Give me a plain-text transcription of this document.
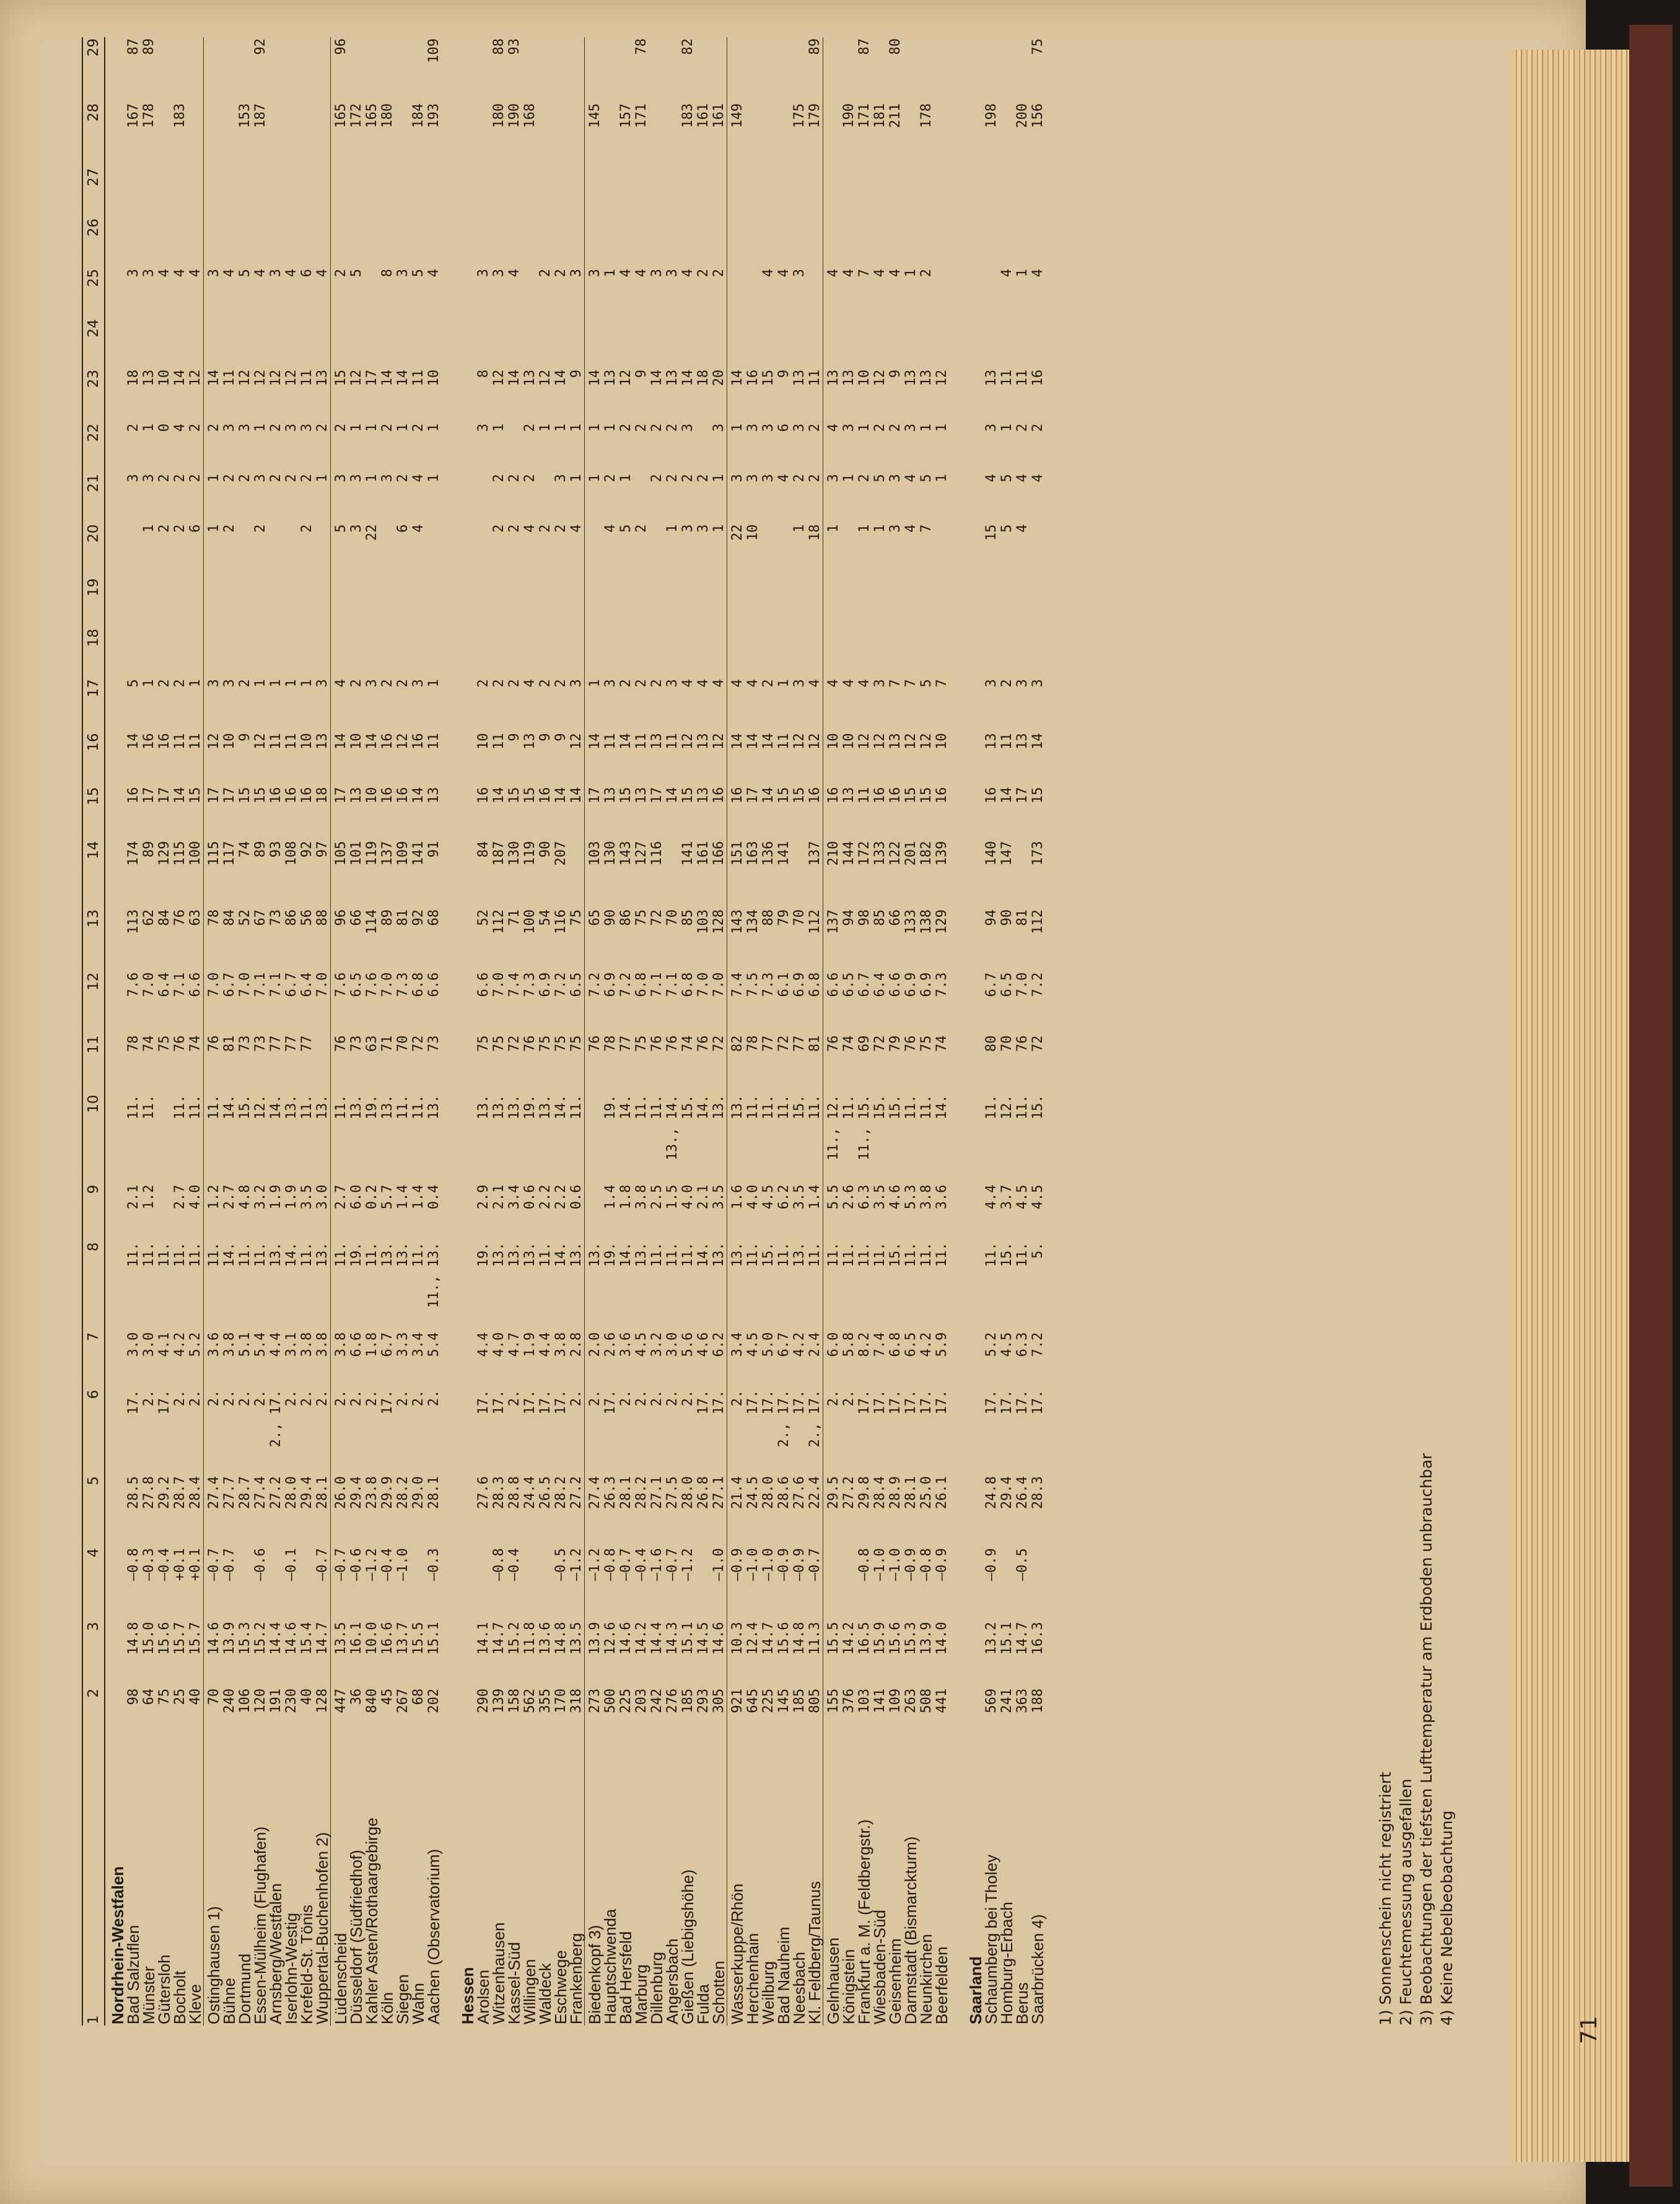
1	2	3	4	5	6	7	8	9	10	11	12	13	14	15	16	17	18	19	20	21	22	23	24	25	26	27	28	29
Nordrhein-Westfalen																												
Bad Salzuflen	98	14.8	—0.8	28.5	17.	3.0	11.	2.1	11.	78	7.6	113	174	16	14	5				3	2	18		3			167	87
Münster	64	15.0	—0.3	27.8	2.	3.0	11.	1.2	11.	74	7.0	62	89	17	16	1			1	3	1	13		3			178	89
Gütersloh	75	15.6	—0.4	29.2	17.	4.1	11.			75	6.4	84	129	17	16	2			2	2	0	10		4				
Bocholt	25	15.7	+0.1	28.7	2.	4.2	11.	2.7	11.	76	7.1	76	115	14	11	2			2	2	4	14		4			183	
Kleve	40	15.7	+0.1	28.4	2.	5.2	11.	4.0	11.	74	6.6	63	100	15	11	1			6	2	2	12		4				

Ostinghausen 1)	70	14.6	—0.7	27.4	2.	3.6	11.	1.2	11.	76	7.0	78	115	17	12	3			1	1	2	14		3				
Bühne	240	13.9	—0.7	27.7	2.	3.8	14.	2.7	14.	81	6.7	84	117	17	10	3			2	2	3	11		4				
Dortmund	106	15.3		28.7	2.	5.1	11.	4.8	15.	73	7.0	52	74	15	9	2				2	3	12		5			153	
Essen-Mülheim (Flughafen)	120	15.2	—0.6	27.4	2.	5.4	11.	3.2	12.	73	7.1	67	89	15	12	1			2	3	1	12		4			187	92
Arnsberg/Westfalen	191	14.4		27.2	2., 17.	4.4	13.	1.9	14.	77	7.1	73	93	16	11	1				2	2	12		3				
Iserlohn-Westig	230	14.6	—0.1	28.0	2.	3.1	14.	1.9	13.	77	6.7	86	108	16	11	1				2	3	12		4				
Krefeld-St. Tönis	40	15.4		29.4	2.	3.8	11.	3.5	11.	77	6.4	56	92	16	10	1			2	2	3	11		6				
Wuppertal-Buchenhofen 2)	128	14.7	—0.7	28.1	2.	3.8	13.	3.0	13.		7.0	88	97	18	13	3				1	2	13		4				

Lüdenscheid	447	13.5	—0.7	26.0	2.	3.8	11.	2.7	11.	76	7.6	96	105	17	14	4			5	3	2	15		2			165	96
Düsseldorf (Südfriedhof)	36	16.1	—0.6	29.4	2.	6.6	19.	6.0	13.	73	6.5	66	101	13	10	2			3	3	1	12		5			172	
Kahler Asten/Rothaargebirge	840	10.0	—1.2	23.8	2.	1.8	11.	0.2	19.	63	7.6	114	119	10	14	3			22	1	1	17					165	
Köln	45	16.6	—0.4	29.9	17.	6.7	13.	5.7	13.	71	7.0	89	137	16	16	2				3	2	14		8			180	
Siegen	267	13.7	—1.0	28.2	2.	3.3	13.	1.4	11.	70	7.3	81	109	16	12	2			6	2	1	14		3				
Wahn	68	15.5		29.0	2.	3.4	11.	1.4	11.	72	6.8	92	141	14	16	3			4	4	2	11		5			184	
Aachen (Observatorium)	202	15.1	—0.3	28.1	2.	5.4	11., 13.	0.4	13.	73	6.6	68	91	13	11	1				1	1	10		4			193	109

Hessen																												
Arolsen	290	14.1		27.6	17.	4.4	19.	2.9	13.	75	6.6	52	84	16	10	2					3	8		3				
Witzenhausen	139	14.7	—0.8	28.3	17.	4.0	13.	2.1	13.	75	7.0	112	187	14	11	2			2	2	1	12		3			180	88
Kassel-Süd	158	15.2	—0.4	28.8	2.	4.7	13.	3.4	13.	72	7.4	71	130	15	9	2			2	2		14		4			190	93
Willingen	562	11.8		24.4	17.	1.9	13.	0.6	19.	76	7.3	100	119	15	13	4			4	2	2	13					168	
Waldeck	355	13.6		26.5	17.	4.4	11.	2.2	13.	75	6.9	54	90	16	9	2			2		1	12		2				
Eschwege	170	14.8	—0.5	28.2	17.	3.8	14.	2.2	14.	75	7.2	116	207	14	9	2			2	3	1	14		2				
Frankenberg	318	13.5	—1.2	27.2	2.	2.8	13.	0.6	11.	75	6.5	75		14	12	3			4	1	1	9		3				

Biedenkopf 3)	273	13.9	—1.2	27.4	2.	2.0	13.			76	7.2	65	103	17	14	1				1	1	14		3			145	
Hauptschwenda	500	12.6	—0.8	26.3	17.	2.6	19.	1.4	19.	78	6.9	90	130	13	11	3			4	2	1	13		1				
Bad Hersfeld	225	14.6	—0.7	28.1	2.	3.6	14.	1.8	14.	77	7.2	86	143	15	14	2			5	1	2	12		4			157	
Marburg	203	14.2	—0.4	28.2	2.	4.5	13.	3.8	11.	75	6.8	75	127	13	11	2			2		2	9		4			171	78
Dillenburg	242	14.4	—1.6	27.1	2.	3.2	11.	2.5	11.	76	7.1	72	116	17	13	2				2	2	14		3				
Angersbach	276	14.3	—0.7	27.5	2.	3.0	11.	1.5	13., 14.	76	7.1	70		14	11	3			1	2	2	13		3				
Gießen (Liebigshöhe)	185	15.1	—1.2	28.0	2.	5.6	11.	4.0	15.	74	6.8	85	141	15	12	4			3	2	3	14		4			183	82
Fulda	293	14.5		26.8	17.	4.6	14.	2.1	14.	76	7.0	103	161	13	13	4			3	2		18		2			161	
Schotten	305	14.6	—1.0	27.1	17.	6.2	13.	3.5	13.	72	7.0	128	166	16	12	4			1	1	3	20		2			161	

Wasserkuppe/Rhön	921	10.3	—0.9	21.4	2.	3.4	13.	1.6	13.	82	7.4	143	151	16	14	4			22	3	1	14					149	
Herchenhain	645	12.4	—1.0	24.5	17.	4.5	11.	4.0	11.	78	7.5	134	163	17	14	4			10	3	3	16						
Weilburg	225	14.7	—1.0	28.0	17.	5.0	15.	4.5	11.	77	7.3	88	136	14	14	2				3	3	15		4				
Bad Nauheim	145	15.6	—0.9	28.6	2., 17.	6.7	11.	6.2	11.	72	6.1	79	141	15	11	1				4	6	9		4				
Neesbach	185	14.8	—0.9	27.6	17.	4.2	13.	3.5	15.	77	6.9	70		15	12	3			1	2	3	13		3			175	
Kl. Feldberg/Taunus	805	11.3	—0.7	22.4	2., 17.	2.4	11.	1.4	11.	81	6.8	112	137	16	12	4			18	2	2	11					179	89

Gelnhausen	155	15.5		29.5	2.	6.0	11.	5.5	11., 12.	76	6.6	137	210	16	10	4			1	3	4	13		4				
Königstein	376	14.2		27.2	2.	5.8	11.	2.6	11.	74	6.5	94	144	13	10	4				1	3	13		4			190	
Frankfurt a. M. (Feldbergstr.)	103	16.5	—0.8	29.8	17.	8.2	11.	6.3	11., 15.	69	6.7	98	172	11	12	4			1	2	1	10		7			171	87
Wiesbaden-Süd	141	15.9	—1.0	28.4	17.	7.4	11.	3.5	15.	72	6.4	85	133	16	12	3			1	5	2	12		4			181	
Geisenheim	109	15.6	—1.0	28.9	17.	6.8	15.	4.6	15.	79	6.6	66	122	16	13	7			3	3	2	9		4			211	80
Darmstadt (Bismarckturm)	263	15.3	—0.9	28.1	17.	6.5	11.	5.3	11.	76	6.9	133	201	15	12	7			4	4	3	13		1				
Neunkirchen	508	13.9	—0.8	25.0	17.	4.2	11.	3.8	11.	75	6.9	138	182	15	12	5			7	5	1	13		2			178	
Beerfelden	441	14.0	—0.9	26.1	17.	5.9	11.	3.6	14.	74	7.3	129	139	16	10	7				1	1	12						

Saarland																												
Schaumberg bei Tholey	569	13.2	—0.9	24.8	17.	5.2	11.	4.4	11.	80	6.7	94	140	16	13	3			15	4	3	13					198	
Homburg-Erbach	241	15.1		29.4	17.	4.5	15.	3.7	12.	70	6.5	90	147	14	11	2			5	5	1	11		4				
Berus	363	14.7	—0.5	26.4	17.	6.3	11.	4.5	11.	76	7.0	81		17	13	3			4	4	2	11		1			200	
Saarbrücken 4)	188	16.3		28.3	17.	7.2	5.	4.5	15.	72	7.2	112	173	15	14	3				4	2	16		4			156	75
1) Sonnenschein nicht registriert 2) Feuchtemessung ausgefallen 3) Beobachtungen der tiefsten Lufttemperatur am Erdboden unbrauchbar 4) Keine Nebelbeobachtung
71
